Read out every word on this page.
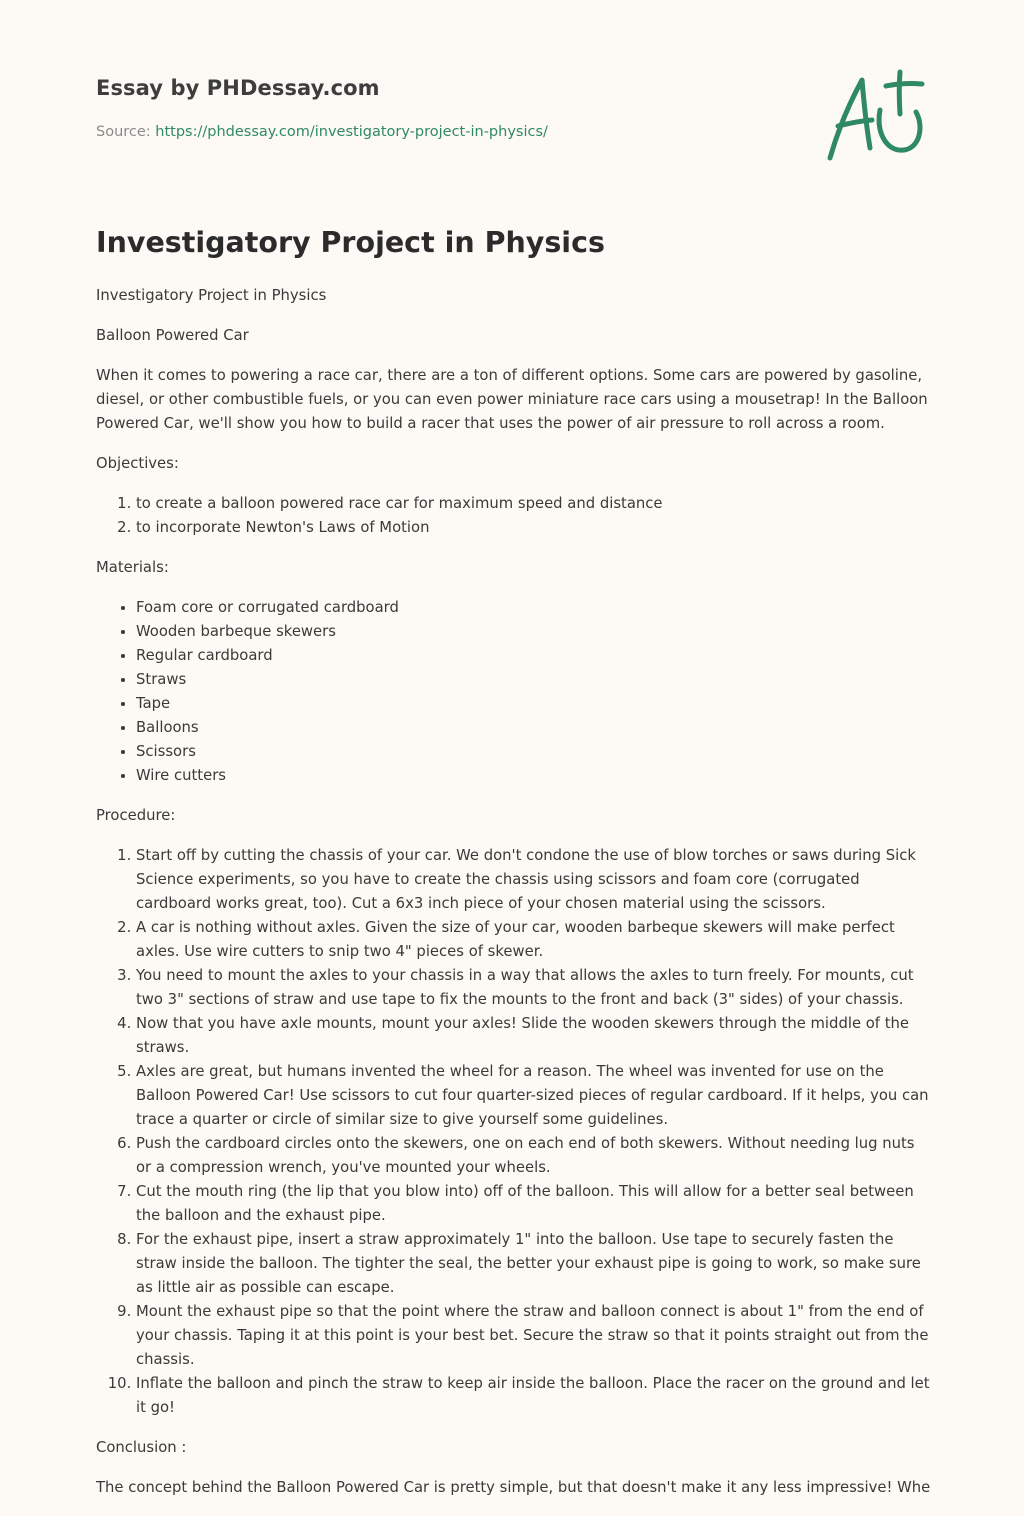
Essay by PHDessay.com
Source: https://phdessay.com/investigatory-project-in-physics/
Investigatory Project in Physics

Investigatory Project in Physics

Balloon Powered Car

When it comes to powering a race car, there are a ton of different options. Some cars are powered by gasoline, diesel, or other combustible fuels, or you can even power miniature race cars using a mousetrap! In the Balloon Powered Car, we'll show you how to build a racer that uses the power of air pressure to roll across a room.

Objectives:

1. to create a balloon powered race car for maximum speed and distance
2. to incorporate Newton's Laws of Motion

Materials:

• Foam core or corrugated cardboard
• Wooden barbeque skewers
• Regular cardboard
• Straws
• Tape
• Balloons
• Scissors
• Wire cutters

Procedure:

1. Start off by cutting the chassis of your car. We don't condone the use of blow torches or saws during Sick Science experiments, so you have to create the chassis using scissors and foam core (corrugated cardboard works great, too). Cut a 6x3 inch piece of your chosen material using the scissors.
2. A car is nothing without axles. Given the size of your car, wooden barbeque skewers will make perfect axles. Use wire cutters to snip two 4" pieces of skewer.
3. You need to mount the axles to your chassis in a way that allows the axles to turn freely. For mounts, cut two 3" sections of straw and use tape to fix the mounts to the front and back (3" sides) of your chassis.
4. Now that you have axle mounts, mount your axles! Slide the wooden skewers through the middle of the straws.
5. Axles are great, but humans invented the wheel for a reason. The wheel was invented for use on the Balloon Powered Car! Use scissors to cut four quarter-sized pieces of regular cardboard. If it helps, you can trace a quarter or circle of similar size to give yourself some guidelines.
6. Push the cardboard circles onto the skewers, one on each end of both skewers. Without needing lug nuts or a compression wrench, you've mounted your wheels.
7. Cut the mouth ring (the lip that you blow into) off of the balloon. This will allow for a better seal between the balloon and the exhaust pipe.
8. For the exhaust pipe, insert a straw approximately 1" into the balloon. Use tape to securely fasten the straw inside the balloon. The tighter the seal, the better your exhaust pipe is going to work, so make sure as little air as possible can escape.
9. Mount the exhaust pipe so that the point where the straw and balloon connect is about 1" from the end of your chassis. Taping it at this point is your best bet. Secure the straw so that it points straight out from the chassis.
10. Inflate the balloon and pinch the straw to keep air inside the balloon. Place the racer on the ground and let it go!

Conclusion :

The concept behind the Balloon Powered Car is pretty simple, but that doesn't make it any less impressive! Whe
